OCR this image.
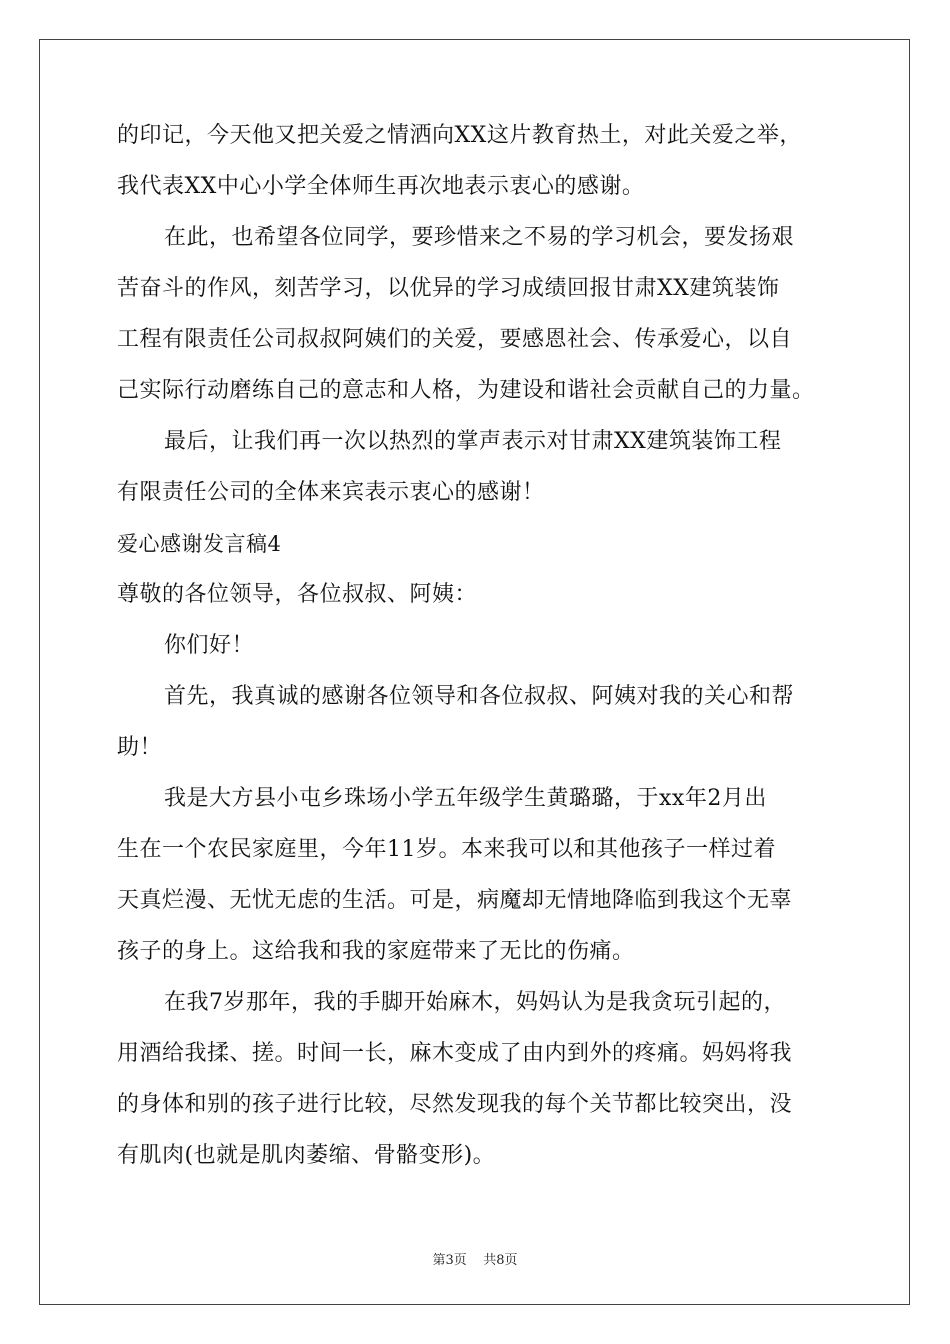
的印记，今天他又把关爱之情洒向XX这片教育热土，对此关爱之举，
我代表XX中心小学全体师生再次地表示衷心的感谢。
在此，也希望各位同学，要珍惜来之不易的学习机会，要发扬艰
苦奋斗的作风，刻苦学习，以优异的学习成绩回报甘肃XX建筑装饰
工程有限责任公司叔叔阿姨们的关爱，要感恩社会、传承爱心，以自
己实际行动磨练自己的意志和人格，为建设和谐社会贡献自己的力量。
最后，让我们再一次以热烈的掌声表示对甘肃XX建筑装饰工程
有限责任公司的全体来宾表示衷心的感谢！
爱心感谢发言稿4
尊敬的各位领导，各位叔叔、阿姨：
你们好！
首先，我真诚的感谢各位领导和各位叔叔、阿姨对我的关心和帮
助！
我是大方县小屯乡珠场小学五年级学生黄璐璐，于xx年2月出
生在一个农民家庭里，今年11岁。本来我可以和其他孩子一样过着
天真烂漫、无忧无虑的生活。可是，病魔却无情地降临到我这个无辜
孩子的身上。这给我和我的家庭带来了无比的伤痛。
在我7岁那年，我的手脚开始麻木，妈妈认为是我贪玩引起的，
用酒给我揉、搓。时间一长，麻木变成了由内到外的疼痛。妈妈将我
的身体和别的孩子进行比较，尽然发现我的每个关节都比较突出，没
有肌肉(也就是肌肉萎缩、骨骼变形)。
第3页    共8页
